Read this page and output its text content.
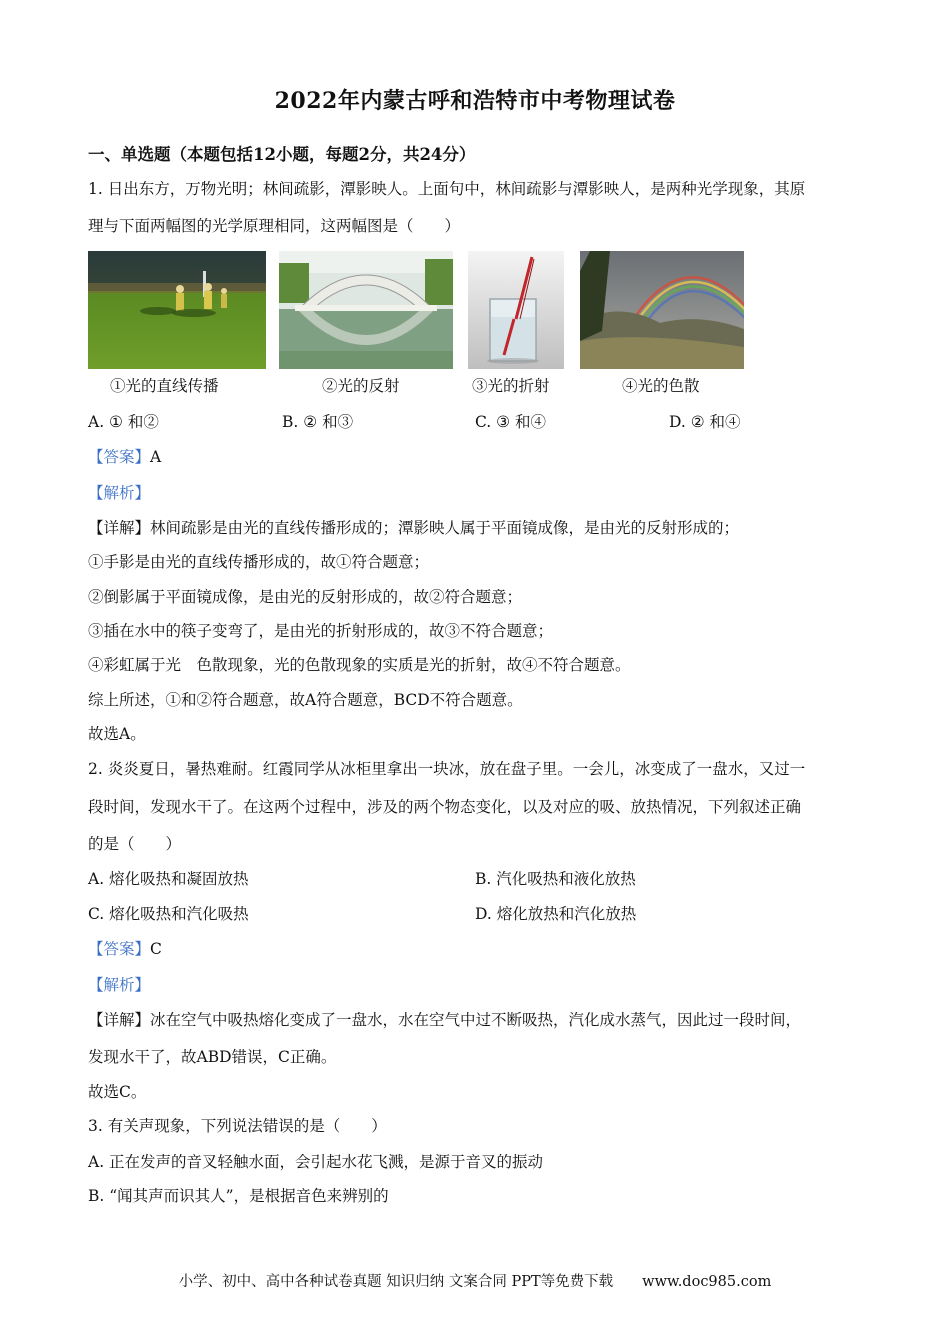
2022年内蒙古呼和浩特市中考物理试卷
一、单选题（本题包括12小题，每题2分，共24分）
1. 日出东方，万物光明；林间疏影，潭影映人。上面句中，林间疏影与潭影映人，是两种光学现象，其原
理与下面两幅图的光学原理相同，这两幅图是（　　）
①光的直线传播	②光的反射	③光的折射	④光的色散
A. ① 和②	B. ② 和③	C. ③ 和④	D. ② 和④
【答案】A
【解析】
【详解】林间疏影是由光的直线传播形成的；潭影映人属于平面镜成像，是由光的反射形成的；
①手影是由光的直线传播形成的，故①符合题意；
②倒影属于平面镜成像，是由光的反射形成的，故②符合题意；
③插在水中的筷子变弯了，是由光的折射形成的，故③不符合题意；
④彩虹属于光　色散现象，光的色散现象的实质是光的折射，故④不符合题意。
综上所述，①和②符合题意，故A符合题意，BCD不符合题意。
故选A。
2. 炎炎夏日，暑热难耐。红霞同学从冰柜里拿出一块冰，放在盘子里。一会儿，冰变成了一盘水，又过一
段时间，发现水干了。在这两个过程中，涉及的两个物态变化，以及对应的吸、放热情况，下列叙述正确
的是（　　）
A. 熔化吸热和凝固放热	B. 汽化吸热和液化放热
C. 熔化吸热和汽化吸热	D. 熔化放热和汽化放热
【答案】C
【解析】
【详解】冰在空气中吸热熔化变成了一盘水，水在空气中过不断吸热，汽化成水蒸气，因此过一段时间，
发现水干了，故ABD错误，C正确。
故选C。
3. 有关声现象，下列说法错误的是（　　）
A. 正在发声的音叉轻触水面，会引起水花飞溅，是源于音叉的振动
B. “闻其声而识其人”，是根据音色来辨别的
小学、初中、高中各种试卷真题 知识归纳 文案合同 PPT等免费下载　　www.doc985.com
